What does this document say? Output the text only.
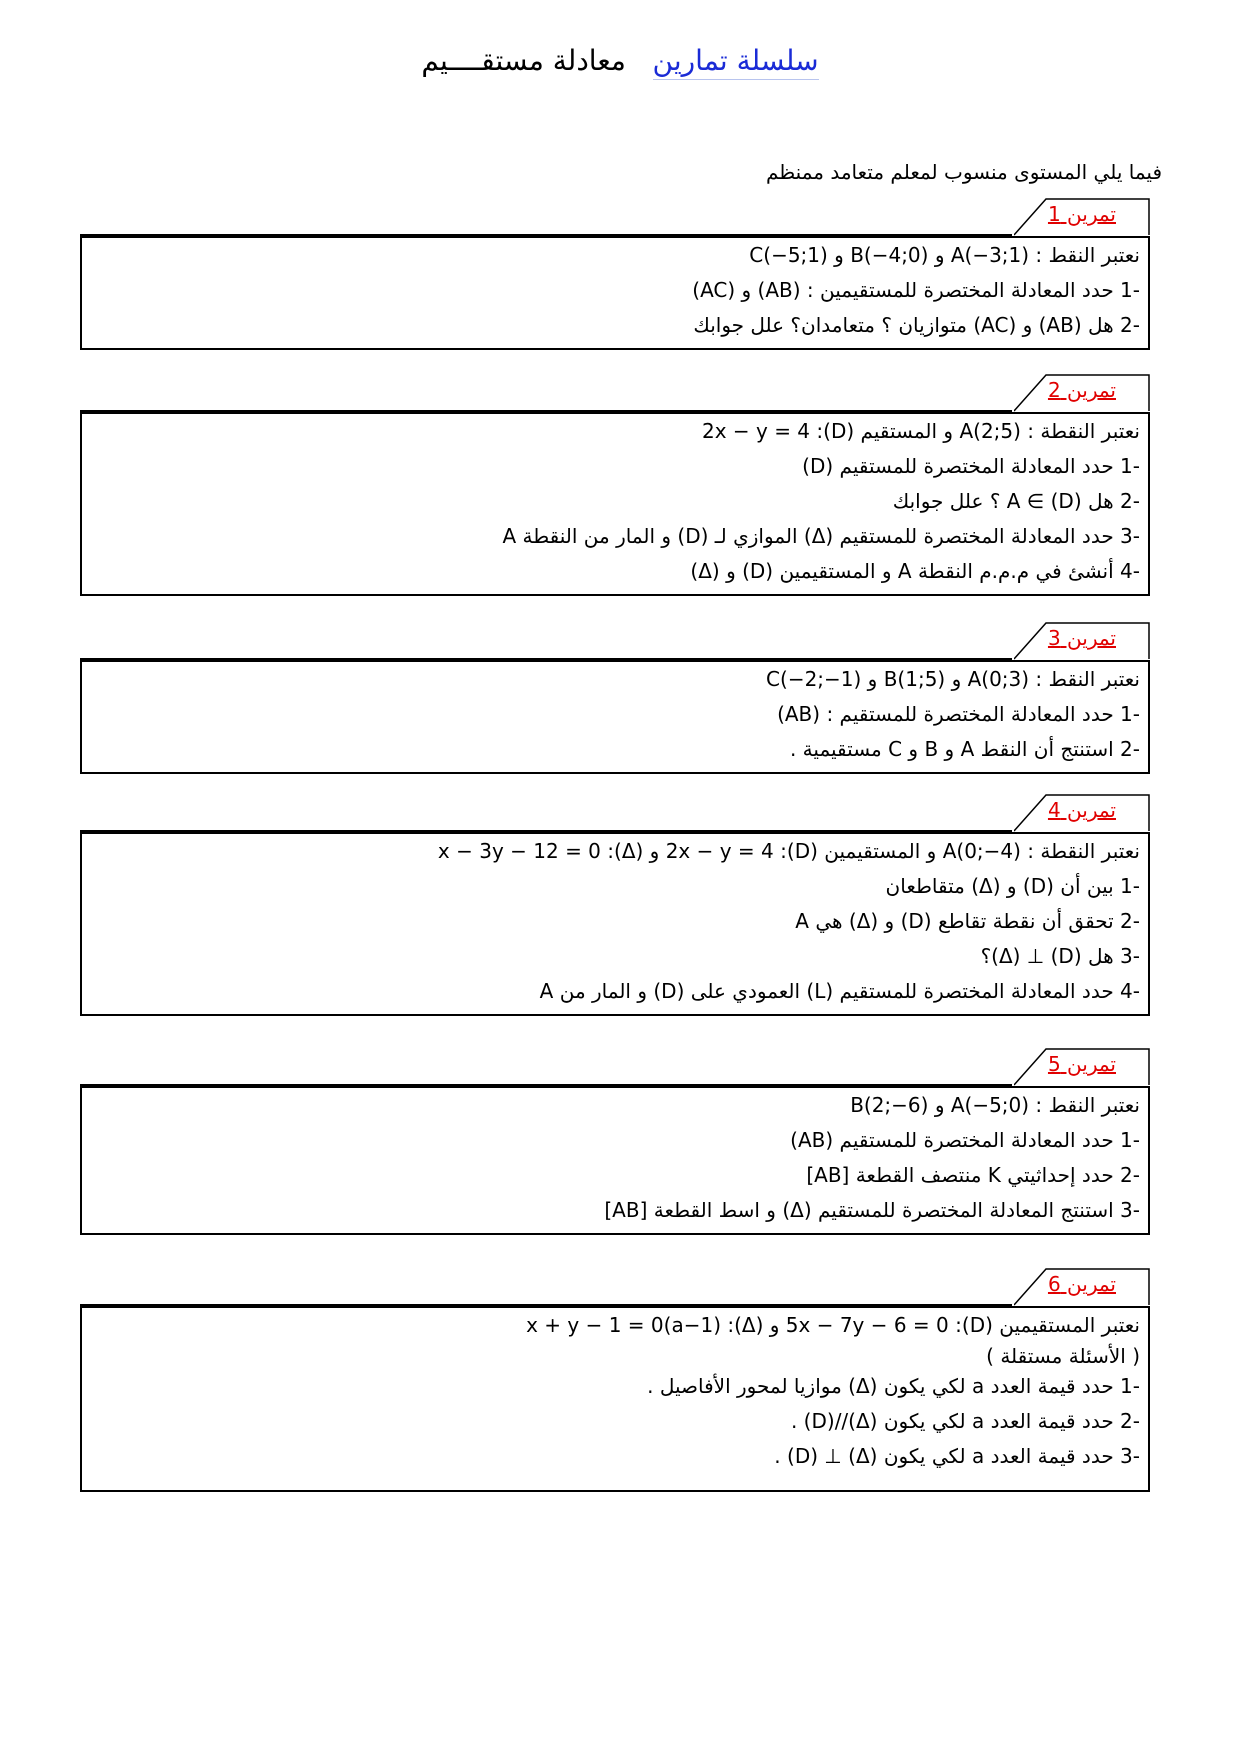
سلسلة تمارين   معادلة مستقــــيم
فيما يلي المستوى منسوب لمعلم متعامد ممنظم
تمرين 1
نعتبر النقط : A(−3;1) و B(−4;0) و C(−5;1)
-1 حدد المعادلة المختصرة للمستقيمين : (AB) و (AC)
-2 هل (AB) و (AC) متوازيان ؟ متعامدان؟ علل جوابك
تمرين 2
نعتبر النقطة : A(2;5) و المستقيم (D): 2x − y = 4
-1 حدد المعادلة المختصرة للمستقيم (D)
-2 هل A ∈ (D) ؟ علل جوابك
-3 حدد المعادلة المختصرة للمستقيم (Δ) الموازي لـ (D) و المار من النقطة A
-4 أنشئ في م.م.م النقطة A و المستقيمين (D) و (Δ)
تمرين 3
نعتبر النقط : A(0;3) و B(1;5) و C(−2;−1)
-1 حدد المعادلة المختصرة للمستقيم : (AB)
-2 استنتج أن النقط A و B و C مستقيمية .
تمرين 4
نعتبر النقطة : A(0;−4) و المستقيمين (D): 2x − y = 4 و (Δ): x − 3y − 12 = 0
-1 بين أن (D) و (Δ) متقاطعان
-2 تحقق أن نقطة تقاطع (D) و (Δ) هي A
-3 هل (D) ⊥ (Δ)؟
-4 حدد المعادلة المختصرة للمستقيم (L) العمودي على (D) و المار من A
تمرين 5
نعتبر النقط : A(−5;0) و B(2;−6)
-1 حدد المعادلة المختصرة للمستقيم (AB)
-2 حدد إحداثيتي K منتصف القطعة [AB]
-3 استنتج المعادلة المختصرة للمستقيم (Δ) و اسط القطعة [AB]
تمرين 6
نعتبر المستقيمين (D): 5x − 7y − 6 = 0 و (Δ): (a−1)x + y − 1 = 0
( الأسئلة مستقلة )
-1 حدد قيمة العدد a لكي يكون (Δ) موازيا لمحور الأفاصيل .
-2 حدد قيمة العدد a لكي يكون (Δ)//(D) .
-3 حدد قيمة العدد a لكي يكون (Δ) ⊥ (D) .
